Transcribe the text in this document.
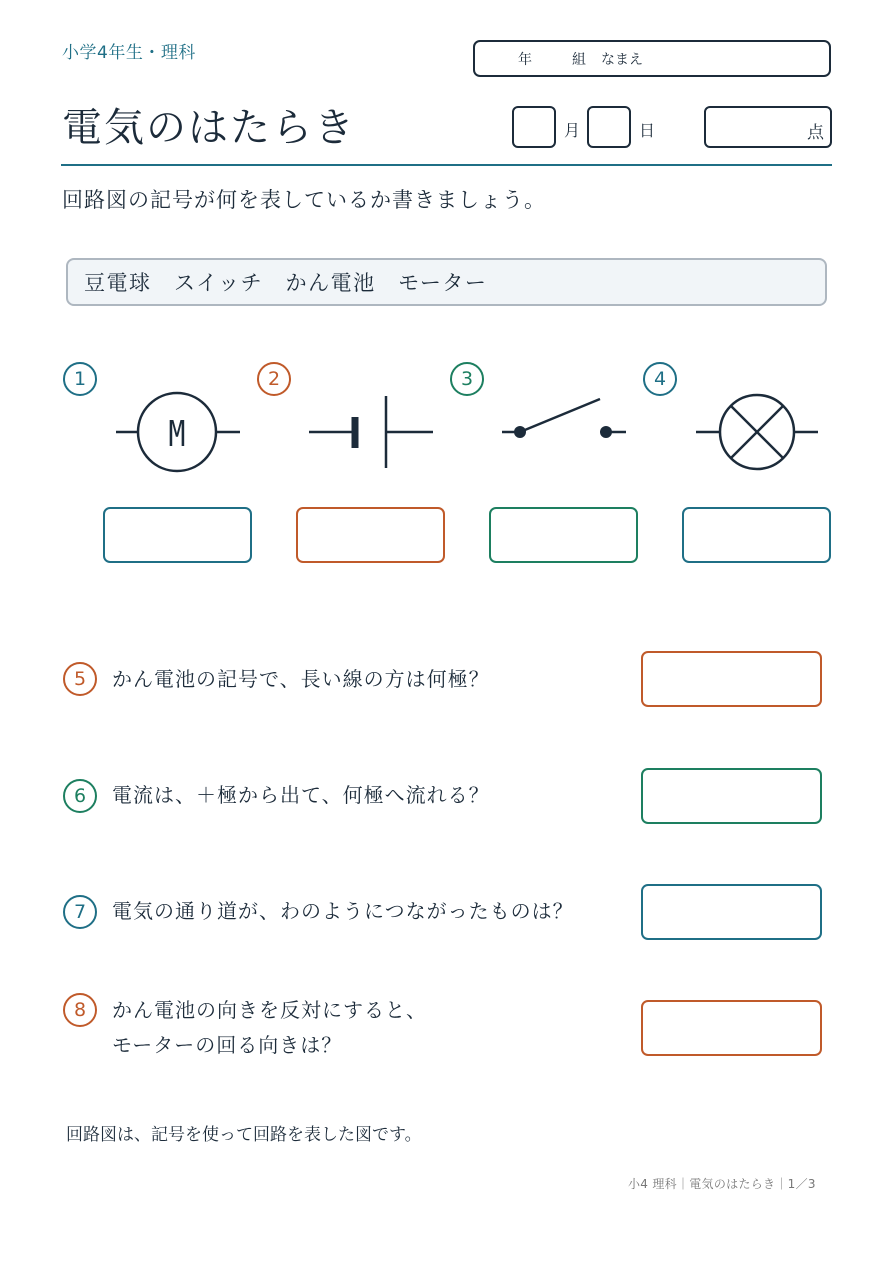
小学4年生・理科	年	組 なまえ
電気のはたらき	月	日	点
回路図の記号が何を表しているか書きましょう。
豆電球　 スイッチ　 かん電池　 モーター
M
1	2	3	4
5	かん電池の記号で、長い線の方は何極？
6	電流は、＋極から出て、何極へ流れる？
7	電気の通り道が、わのようにつながったものは？
8	かん電池の向きを反対にすると、
モーターの回る向きは？
回路図は、記号を使って回路を表した図です。
小4 理科｜電気のはたらき｜1／3
